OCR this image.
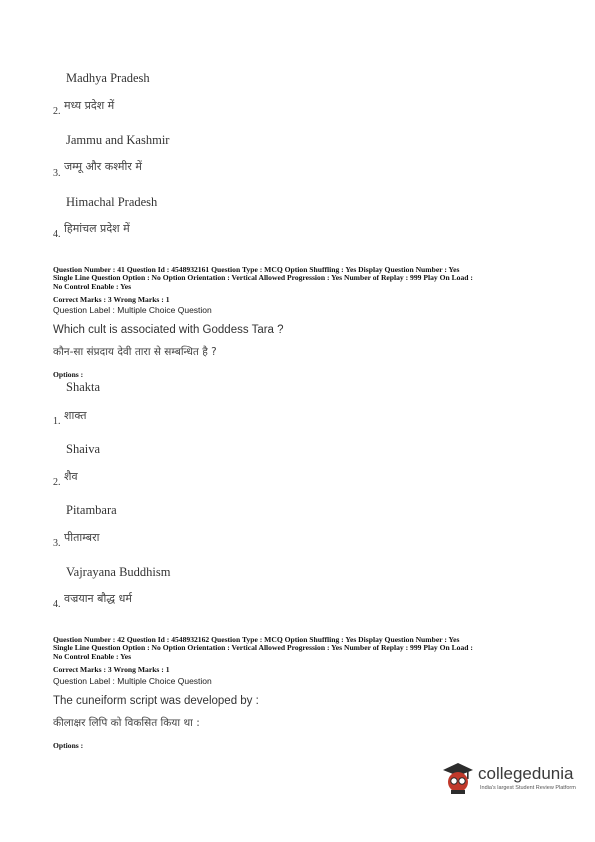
Madhya Pradesh
2. मध्य प्रदेश में
Jammu and Kashmir
3.
जम्मू और कश्मीर में
Himachal Pradesh
4. हिमांचल प्रदेश में
Question Number : 41 Question Id : 4548932161 Question Type : MCQ Option Shuffling : Yes Display Question Number : Yes
Single Line Question Option : No Option Orientation : Vertical Allowed Progression : Yes Number of Replay : 999 Play On Load :
No Control Enable : Yes
Correct Marks : 3 Wrong Marks : 1
Question Label : Multiple Choice Question
Which cult is associated with Goddess Tara ?
कौन-सा संप्रदाय देवी तारा से सम्बन्धित है ?
Options :
Shakta
1. शाक्त
Shaiva
2. शैव
Pitambara
3. पीताम्बरा
Vajrayana Buddhism
4. वज्रयान बौद्ध धर्म
Question Number : 42 Question Id : 4548932162 Question Type : MCQ Option Shuffling : Yes Display Question Number : Yes
Single Line Question Option : No Option Orientation : Vertical Allowed Progression : Yes Number of Replay : 999 Play On Load :
No Control Enable : Yes
Correct Marks : 3 Wrong Marks : 1
Question Label : Multiple Choice Question
The cuneiform script was developed by :
कीलाक्षर लिपि को विकसित किया था :
Options :
collegedunia
India's largest Student Review Platform
